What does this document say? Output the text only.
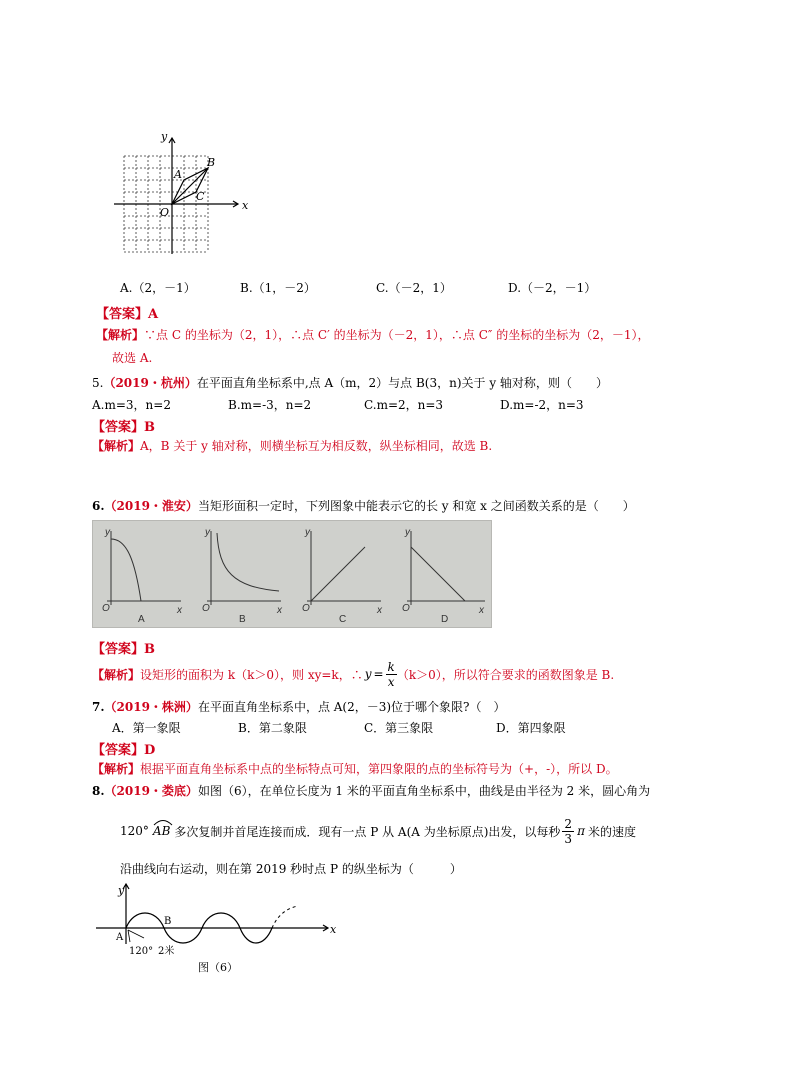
x
y
O
A
B
C
A.（2，－1）	B.（1，－2）	C.（－2，1）	D.（－2，－1）
【答案】A
【解析】∵点 C 的坐标为（2，1），∴点 C′ 的坐标为（－2，1），∴点 C″ 的坐标的坐标为（2，－1），
故选 A.
5.（2019・杭州）在平面直角坐标系中,点 A（m，2）与点 B(3，n)关于 y 轴对称，则（　　）
A.m=3，n=2	B.m=-3，n=2	C.m=2，n=3	D.m=-2，n=3
【答案】B
【解析】A，B 关于 y 轴对称，则横坐标互为相反数，纵坐标相同，故选 B.
6.（2019・淮安）当矩形面积一定时，下列图象中能表示它的长 y 和宽 x 之间函数关系的是（　　）
y
x
O
y
x
O
y
x
O
y
x
O
A	B	C	D
【答案】B
【解析】 设矩形的面积为 k（k＞0），则 xy=k，∴ $y = \frac{k}{x} (k>0)$，所以符合要求的函数图象是 B.
7.（2019・株洲）在平面直角坐标系中，点 A(2，－3)位于哪个象限?（　）
A．第一象限	B．第二象限	C．第三象限	D．第四象限
【答案】D
【解析】根据平面直角坐标系中点的坐标特点可知，第四象限的点的坐标符号为（+，-），所以 D。
8.（2019・娄底）如图（6），在单位长度为 1 米的平面直角坐标系中，曲线是由半径为 2 米，圆心角为
120° AB 多次复制并首尾连接而成．现有一点 P 从 A(A 为坐标原点)出发，以每秒 $\frac{2}{3}$ π 米的速度
沿曲线向右运动，则在第 2019 秒时点 P 的纵坐标为（　　　）
y
x
A
B
120° 2米
图（6）
